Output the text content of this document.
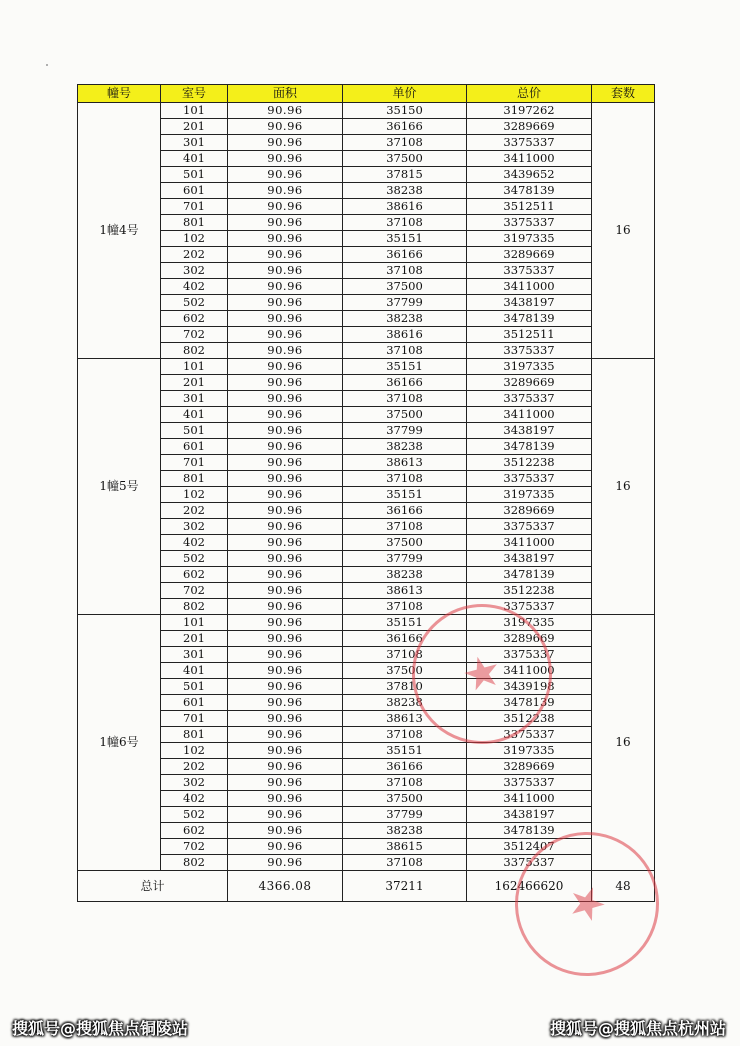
幢号	室号	面积	单价	总价	套数
1幢4号	101	90.96	35150	3197262	16
	201	90.96	36166	3289669	
	301	90.96	37108	3375337	
	401	90.96	37500	3411000	
	501	90.96	37815	3439652	
	601	90.96	38238	3478139	
	701	90.96	38616	3512511	
	801	90.96	37108	3375337	
	102	90.96	35151	3197335	
	202	90.96	36166	3289669	
	302	90.96	37108	3375337	
	402	90.96	37500	3411000	
	502	90.96	37799	3438197	
	602	90.96	38238	3478139	
	702	90.96	38616	3512511	
	802	90.96	37108	3375337	
1幢5号	101	90.96	35151	3197335	16
	201	90.96	36166	3289669	
	301	90.96	37108	3375337	
	401	90.96	37500	3411000	
	501	90.96	37799	3438197	
	601	90.96	38238	3478139	
	701	90.96	38613	3512238	
	801	90.96	37108	3375337	
	102	90.96	35151	3197335	
	202	90.96	36166	3289669	
	302	90.96	37108	3375337	
	402	90.96	37500	3411000	
	502	90.96	37799	3438197	
	602	90.96	38238	3478139	
	702	90.96	38613	3512238	
	802	90.96	37108	3375337	
1幢6号	101	90.96	35151	3197335	16
	201	90.96	36166	3289669	
	301	90.96	37108	3375337	
	401	90.96	37500	3411000	
	501	90.96	37810	3439198	
	601	90.96	38238	3478139	
	701	90.96	38613	3512238	
	801	90.96	37108	3375337	
	102	90.96	35151	3197335	
	202	90.96	36166	3289669	
	302	90.96	37108	3375337	
	402	90.96	37500	3411000	
	502	90.96	37799	3438197	
	602	90.96	38238	3478139	
	702	90.96	38615	3512407	
	802	90.96	37108	3375337	
总计		4366.08	37211	162466620	48
★
★
搜狐号@搜狐焦点铜陵站	搜狐号@搜狐焦点杭州站
